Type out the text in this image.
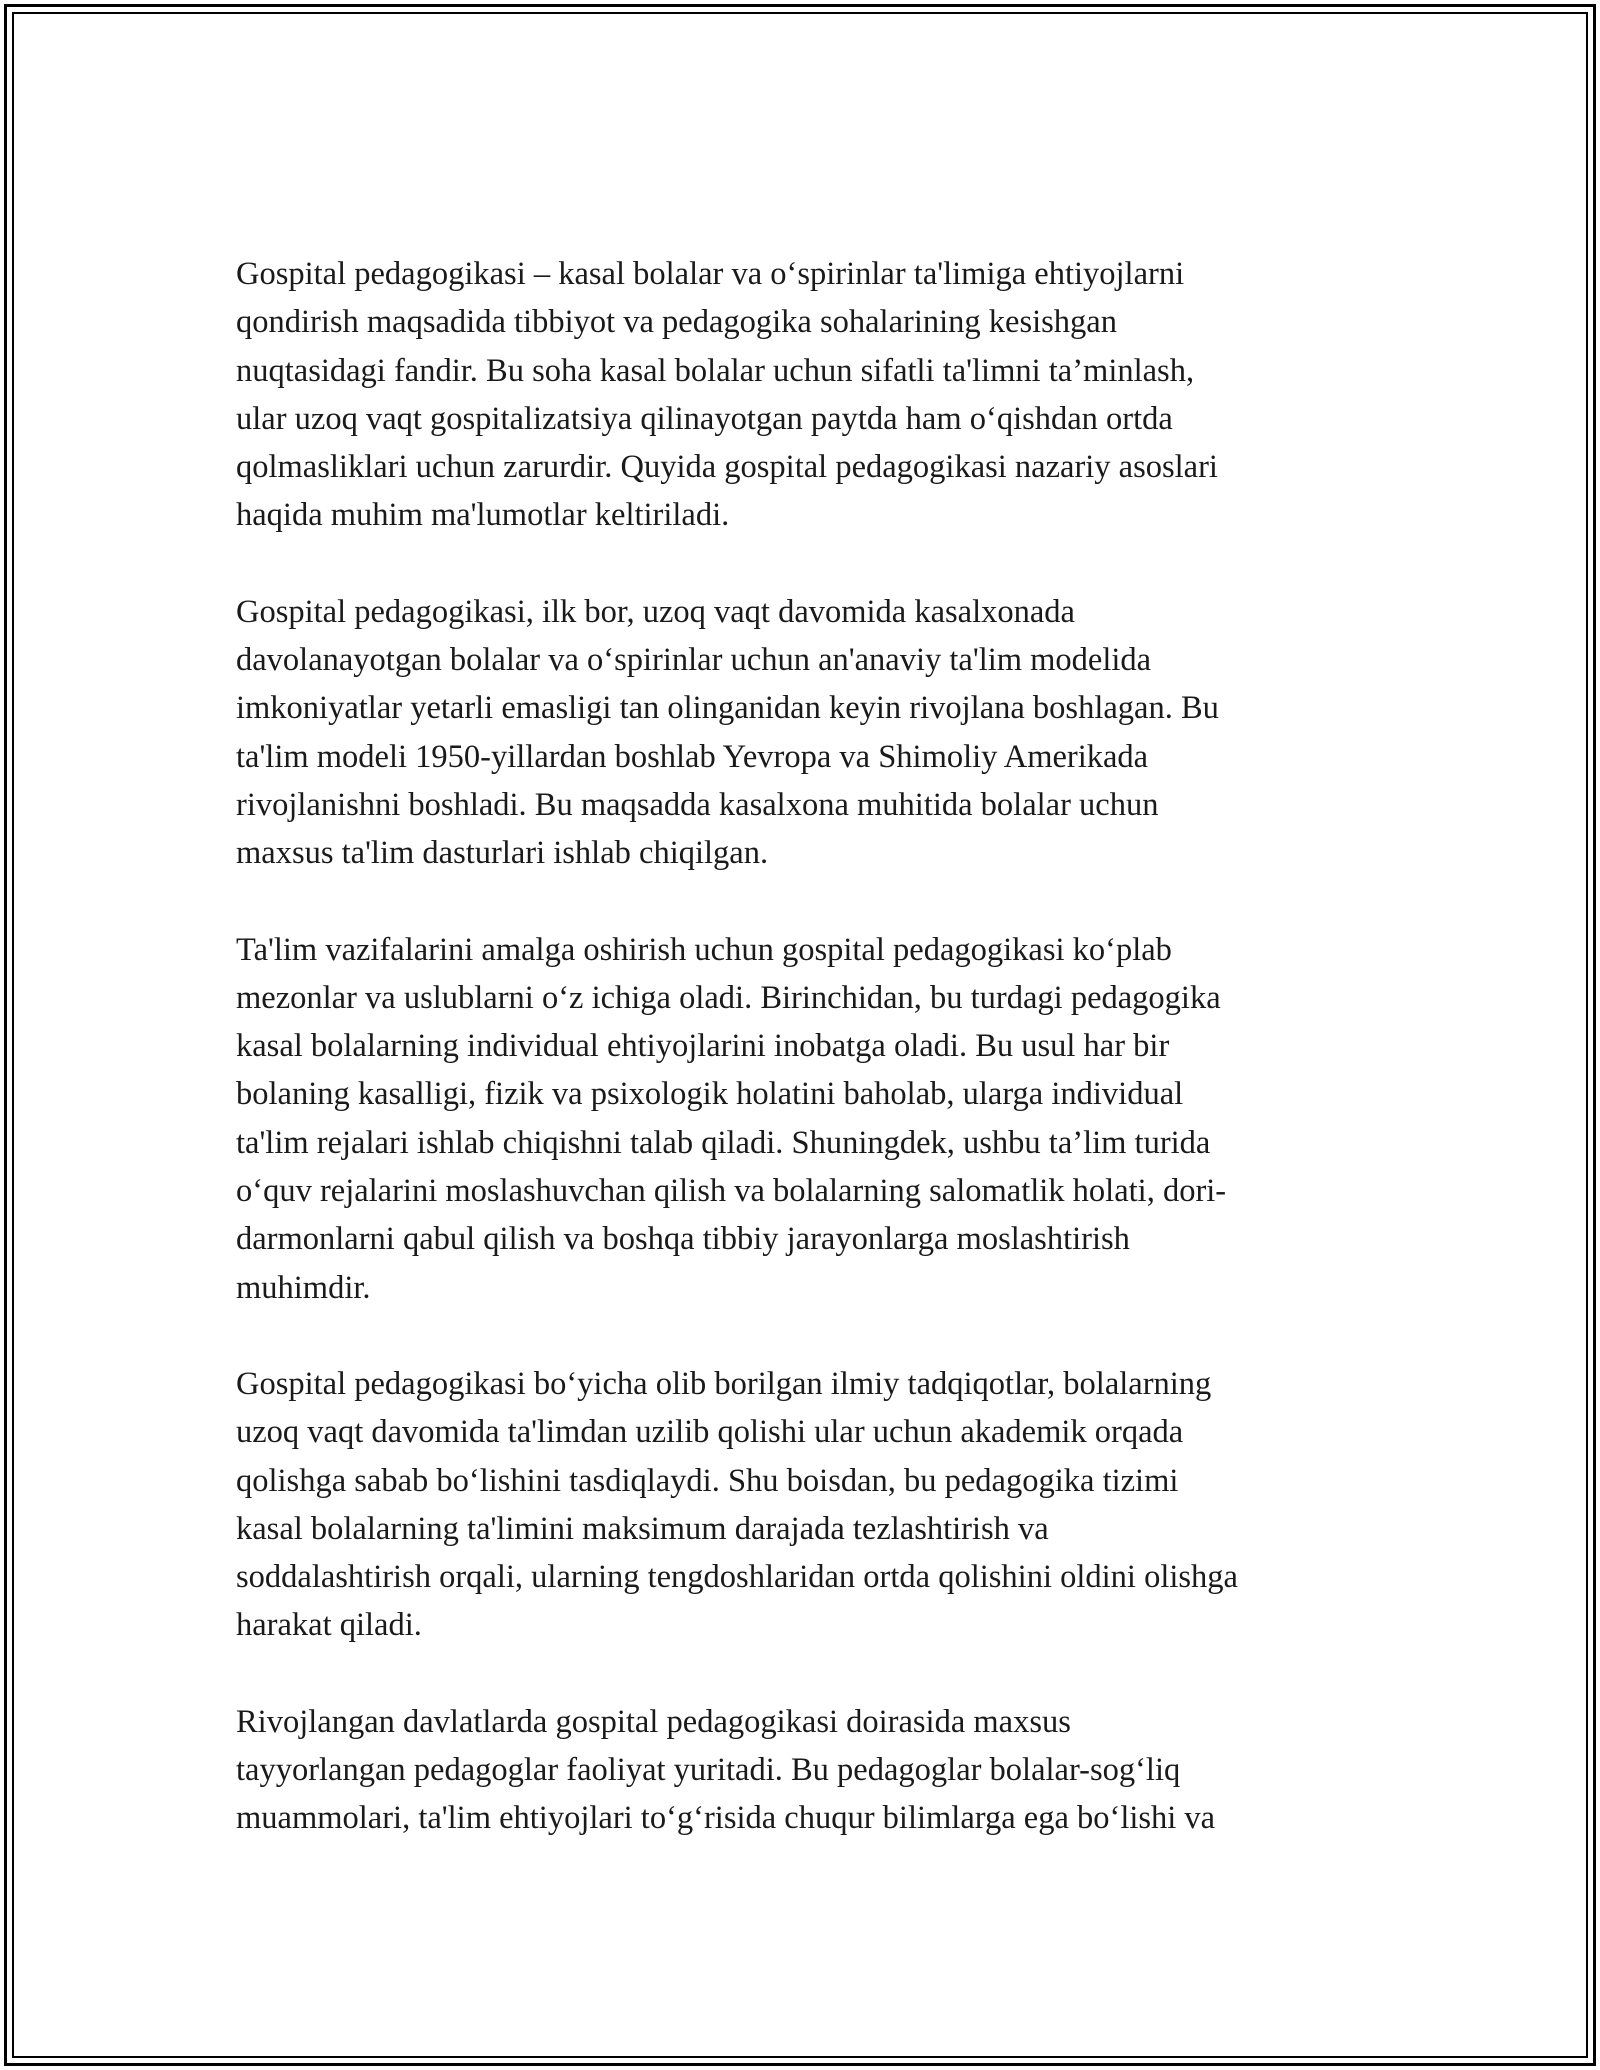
Gospital pedagogikasi – kasal bolalar va o‘spirinlar ta'limiga ehtiyojlarni
qondirish maqsadida tibbiyot va pedagogika sohalarining kesishgan
nuqtasidagi fandir. Bu soha kasal bolalar uchun sifatli ta'limni ta’minlash,
ular uzoq vaqt gospitalizatsiya qilinayotgan paytda ham o‘qishdan ortda
qolmasliklari uchun zarurdir. Quyida gospital pedagogikasi nazariy asoslari
haqida muhim ma'lumotlar keltiriladi.

Gospital pedagogikasi, ilk bor, uzoq vaqt davomida kasalxonada
davolanayotgan bolalar va o‘spirinlar uchun an'anaviy ta'lim modelida
imkoniyatlar yetarli emasligi tan olinganidan keyin rivojlana boshlagan. Bu
ta'lim modeli 1950-yillardan boshlab Yevropa va Shimoliy Amerikada
rivojlanishni boshladi. Bu maqsadda kasalxona muhitida bolalar uchun
maxsus ta'lim dasturlari ishlab chiqilgan.

Ta'lim vazifalarini amalga oshirish uchun gospital pedagogikasi ko‘plab
mezonlar va uslublarni o‘z ichiga oladi. Birinchidan, bu turdagi pedagogika
kasal bolalarning individual ehtiyojlarini inobatga oladi. Bu usul har bir
bolaning kasalligi, fizik va psixologik holatini baholab, ularga individual
ta'lim rejalari ishlab chiqishni talab qiladi. Shuningdek, ushbu ta’lim turida
o‘quv rejalarini moslashuvchan qilish va bolalarning salomatlik holati, dori-
darmonlarni qabul qilish va boshqa tibbiy jarayonlarga moslashtirish
muhimdir.

Gospital pedagogikasi bo‘yicha olib borilgan ilmiy tadqiqotlar, bolalarning
uzoq vaqt davomida ta'limdan uzilib qolishi ular uchun akademik orqada
qolishga sabab bo‘lishini tasdiqlaydi. Shu boisdan, bu pedagogika tizimi
kasal bolalarning ta'limini maksimum darajada tezlashtirish va
soddalashtirish orqali, ularning tengdoshlaridan ortda qolishini oldini olishga
harakat qiladi.

Rivojlangan davlatlarda gospital pedagogikasi doirasida maxsus
tayyorlangan pedagoglar faoliyat yuritadi. Bu pedagoglar bolalar-sog‘liq
muammolari, ta'lim ehtiyojlari to‘g‘risida chuqur bilimlarga ega bo‘lishi va
